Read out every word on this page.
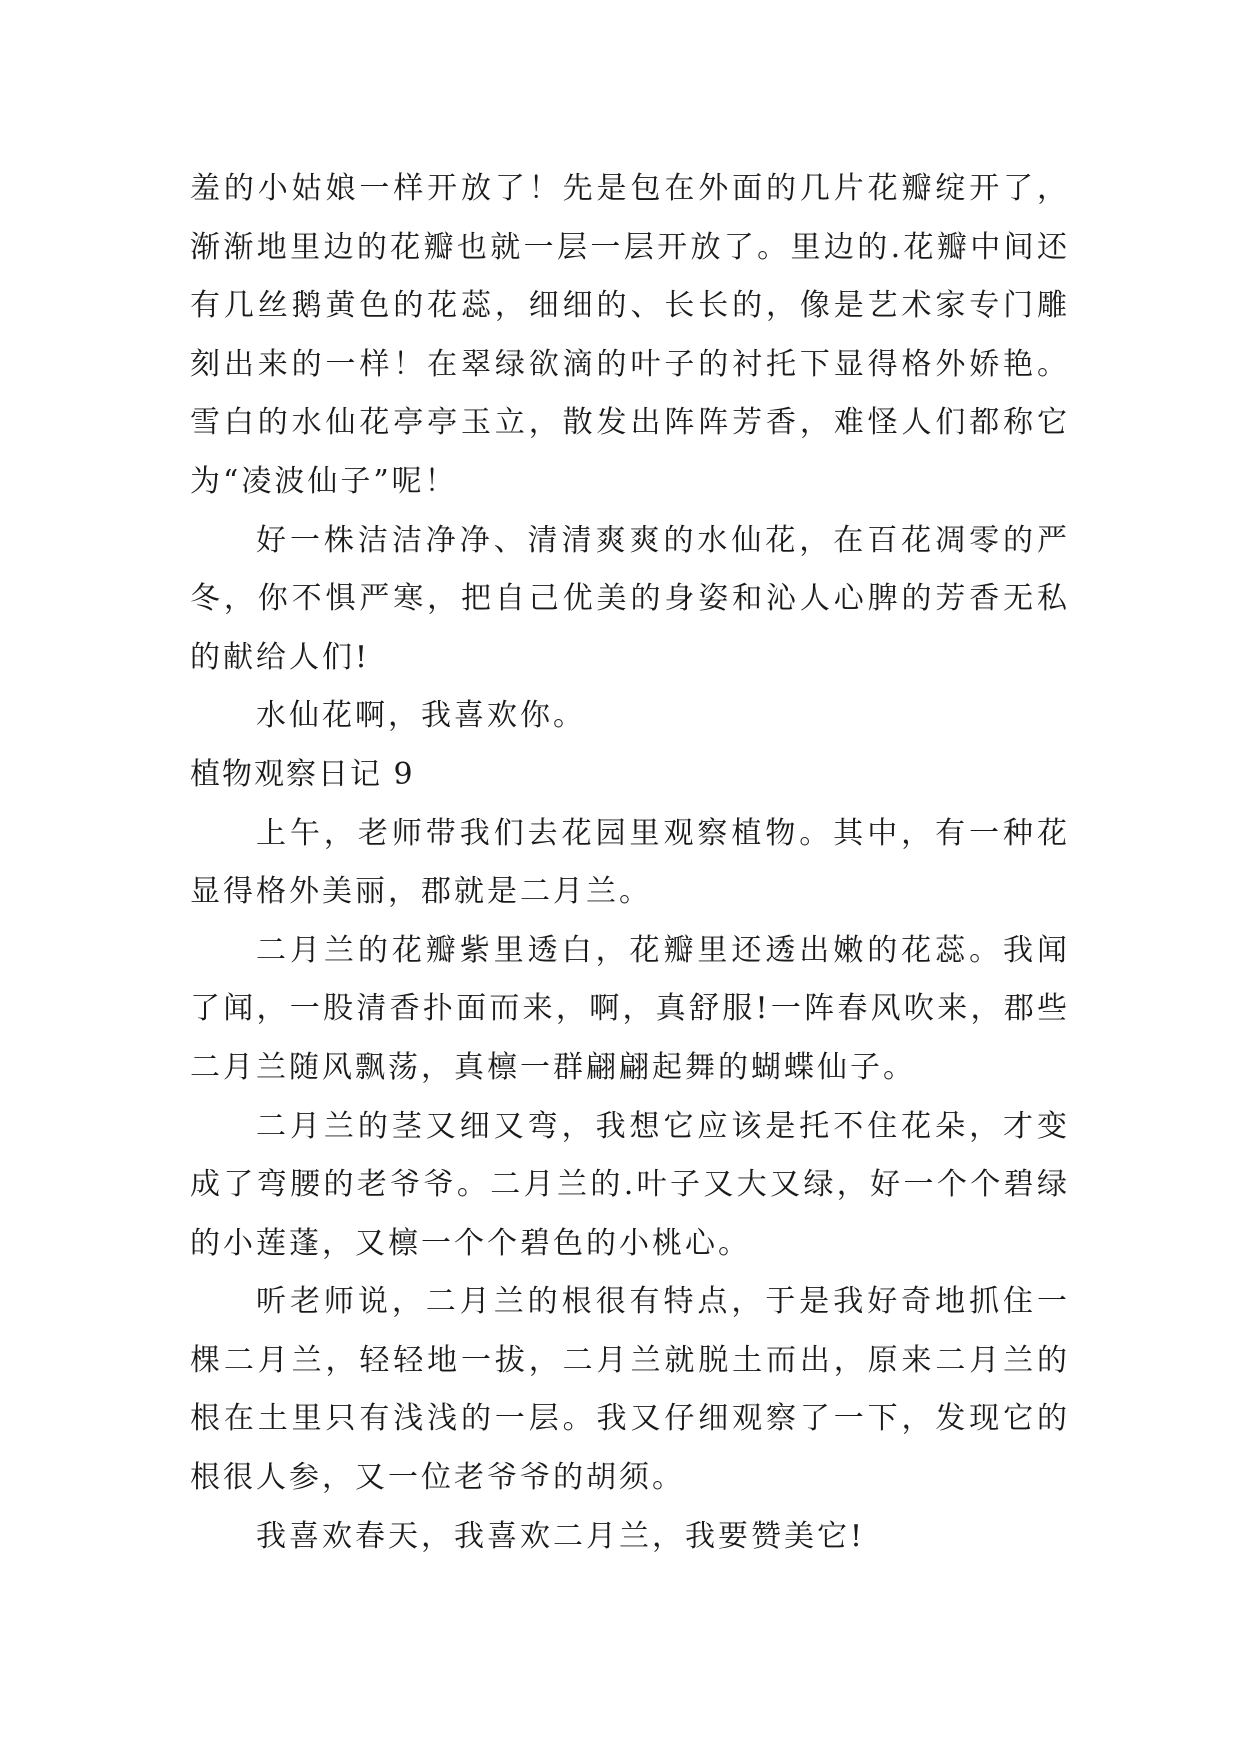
羞的小姑娘一样开放了！先是包在外面的几片花瓣绽开了，渐渐地里边的花瓣也就一层一层开放了。里边的.花瓣中间还有几丝鹅黄色的花蕊，细细的、长长的，像是艺术家专门雕刻出来的一样！在翠绿欲滴的叶子的衬托下显得格外娇艳。雪白的水仙花亭亭玉立，散发出阵阵芳香，难怪人们都称它为“凌波仙子”呢！

好一株洁洁净净、清清爽爽的水仙花，在百花凋零的严冬，你不惧严寒，把自己优美的身姿和沁人心脾的芳香无私的献给人们!

水仙花啊，我喜欢你。

植物观察日记 9

上午，老师带我们去花园里观察植物。其中，有一种花显得格外美丽，郡就是二月兰。

二月兰的花瓣紫里透白，花瓣里还透出嫩的花蕊。我闻了闻，一股清香扑面而来，啊，真舒服!一阵春风吹来，郡些二月兰随风飘荡，真檩一群翩翩起舞的蝴蝶仙子。

二月兰的茎又细又弯，我想它应该是托不住花朵，才变成了弯腰的老爷爷。二月兰的.叶子又大又绿，好一个个碧绿的小莲蓬，又檩一个个碧色的小桃心。

听老师说，二月兰的根很有特点，于是我好奇地抓住一棵二月兰，轻轻地一拔，二月兰就脱土而出，原来二月兰的根在土里只有浅浅的一层。我又仔细观察了一下，发现它的根很人参，又一位老爷爷的胡须。

我喜欢春天，我喜欢二月兰，我要赞美它!
